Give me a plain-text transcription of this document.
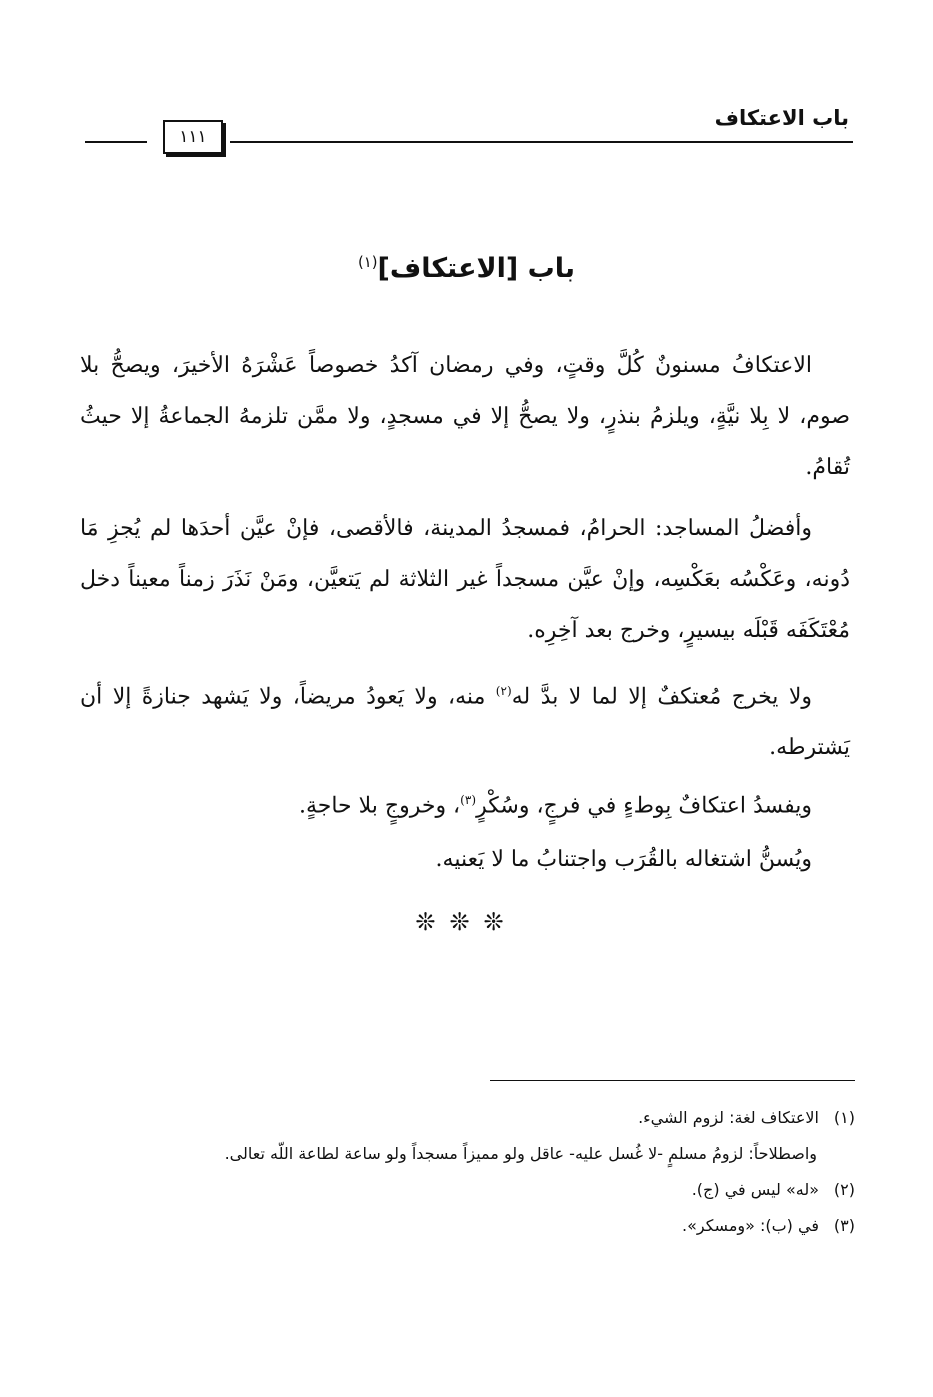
باب الاعتكاف
١١١
باب [الاعتكاف]$^{(١)}$

الاعتكافُ مسنونٌ كُلَّ وقتٍ، وفي رمضان آكدُ خصوصاً عَشْرَهُ الأخيرَ، ويصحُّ بلا صوم، لا بِلا نيَّةٍ، ويلزمُ بنذرٍ، ولا يصحُّ إلا في مسجدٍ، ولا ممَّن تلزمهُ الجماعةُ إلا حيثُ تُقامُ.

وأفضلُ المساجد: الحرامُ، فمسجدُ المدينة، فالأقصى، فإنْ عيَّن أحدَها لم يُجزِ مَا دُونه، وعَكْسُه بعَكْسِه، وإنْ عيَّن مسجداً غير الثلاثة لم يَتعيَّن، ومَنْ نَذَرَ زمناً معيناً دخل مُعْتَكَفَه قَبْلَه بيسيرٍ، وخرج بعد آخِرِه.

ولا يخرج مُعتكفٌ إلا لما لا بدَّ له$^{(٢)}$ منه، ولا يَعودُ مريضاً، ولا يَشهد جنازةً إلا أن يَشترطه.

ويفسدُ اعتكافٌ بِوطءٍ في فرجٍ، وسُكْرٍ$^{(٣)}$، وخروجٍ بلا حاجةٍ.

ويُسنُّ اشتغاله بالقُرَب واجتنابُ ما لا يَعنيه.

❊❊❊

(١)الاعتكاف لغة: لزوم الشيء.

واصطلاحاً: لزومُ مسلمٍ -لا غُسل عليه- عاقل ولو مميزاً مسجداً ولو ساعة لطاعة اللّه تعالى.

(٢)«له» ليس في (ج).

(٣)في (ب): «ومسكر».
